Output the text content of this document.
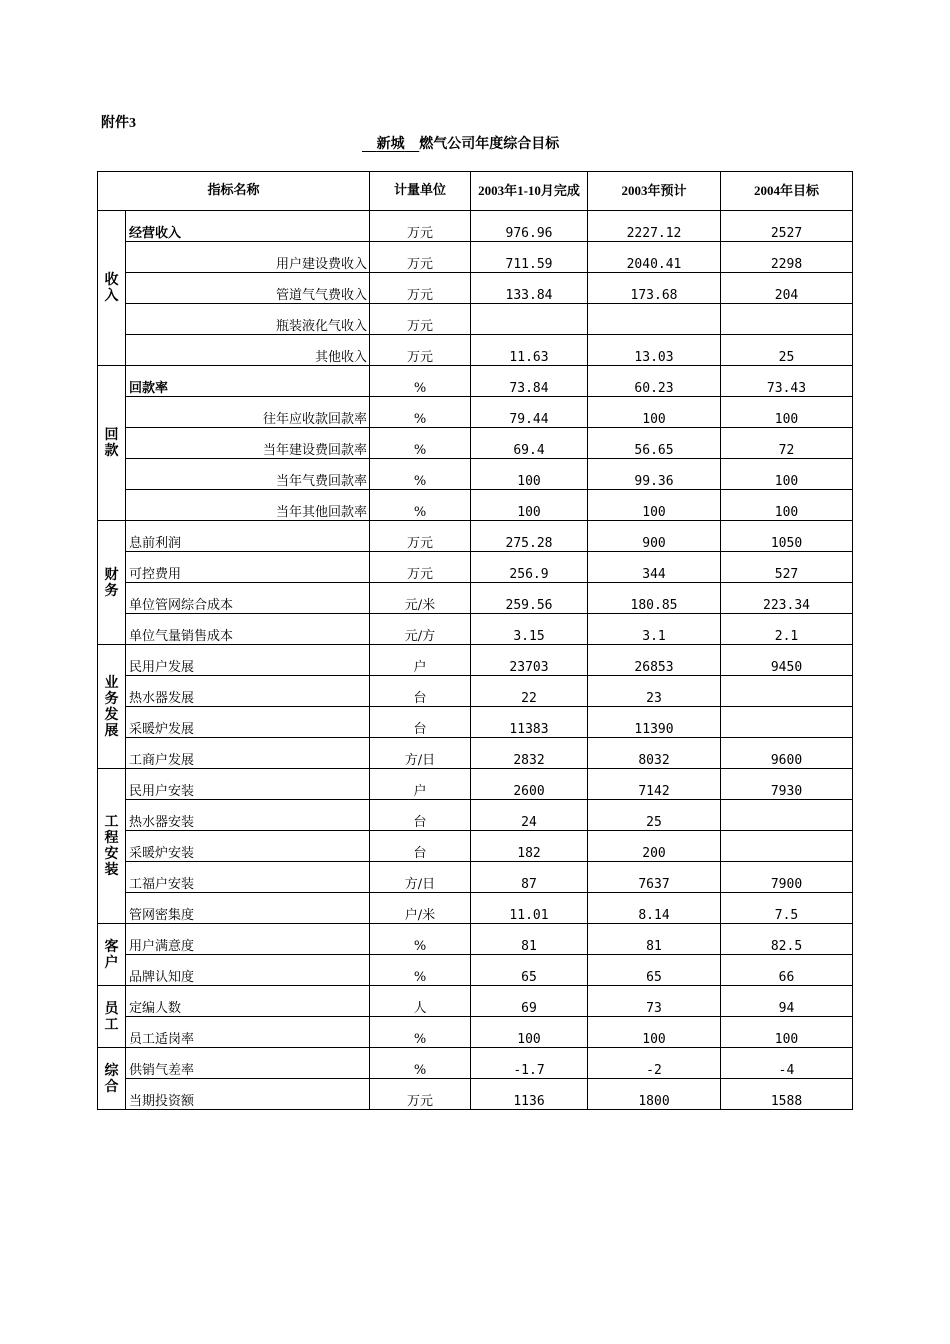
附件3
新城 燃气公司年度综合目标
指标名称		计量单位	2003年1-10月完成	2003年预计	2004年目标
收入	经营收入	万元	976.96	2227.12	2527
	用户建设费收入	万元	711.59	2040.41	2298
	管道气气费收入	万元	133.84	173.68	204
	瓶装液化气收入	万元			
	其他收入	万元	11.63	13.03	25
回款	回款率	%	73.84	60.23	73.43
	往年应收款回款率	%	79.44	100	100
	当年建设费回款率	%	69.4	56.65	72
	当年气费回款率	%	100	99.36	100
	当年其他回款率	%	100	100	100
财务	息前利润	万元	275.28	900	1050
	可控费用	万元	256.9	344	527
	单位管网综合成本	元/米	259.56	180.85	223.34
	单位气量销售成本	元/方	3.15	3.1	2.1
业务发展	民用户发展	户	23703	26853	9450
	热水器发展	台	22	23	
	采暖炉发展	台	11383	11390	
	工商户发展	方/日	2832	8032	9600
工程安装	民用户安装	户	2600	7142	7930
	热水器安装	台	24	25	
	采暖炉安装	台	182	200	
	工福户安装	方/日	87	7637	7900
	管网密集度	户/米	11.01	8.14	7.5
客户	用户满意度	%	81	81	82.5
	品牌认知度	%	65	65	66
员工	定编人数	人	69	73	94
	员工适岗率	%	100	100	100
综合	供销气差率	%	-1.7	-2	-4
	当期投资额	万元	1136	1800	1588
